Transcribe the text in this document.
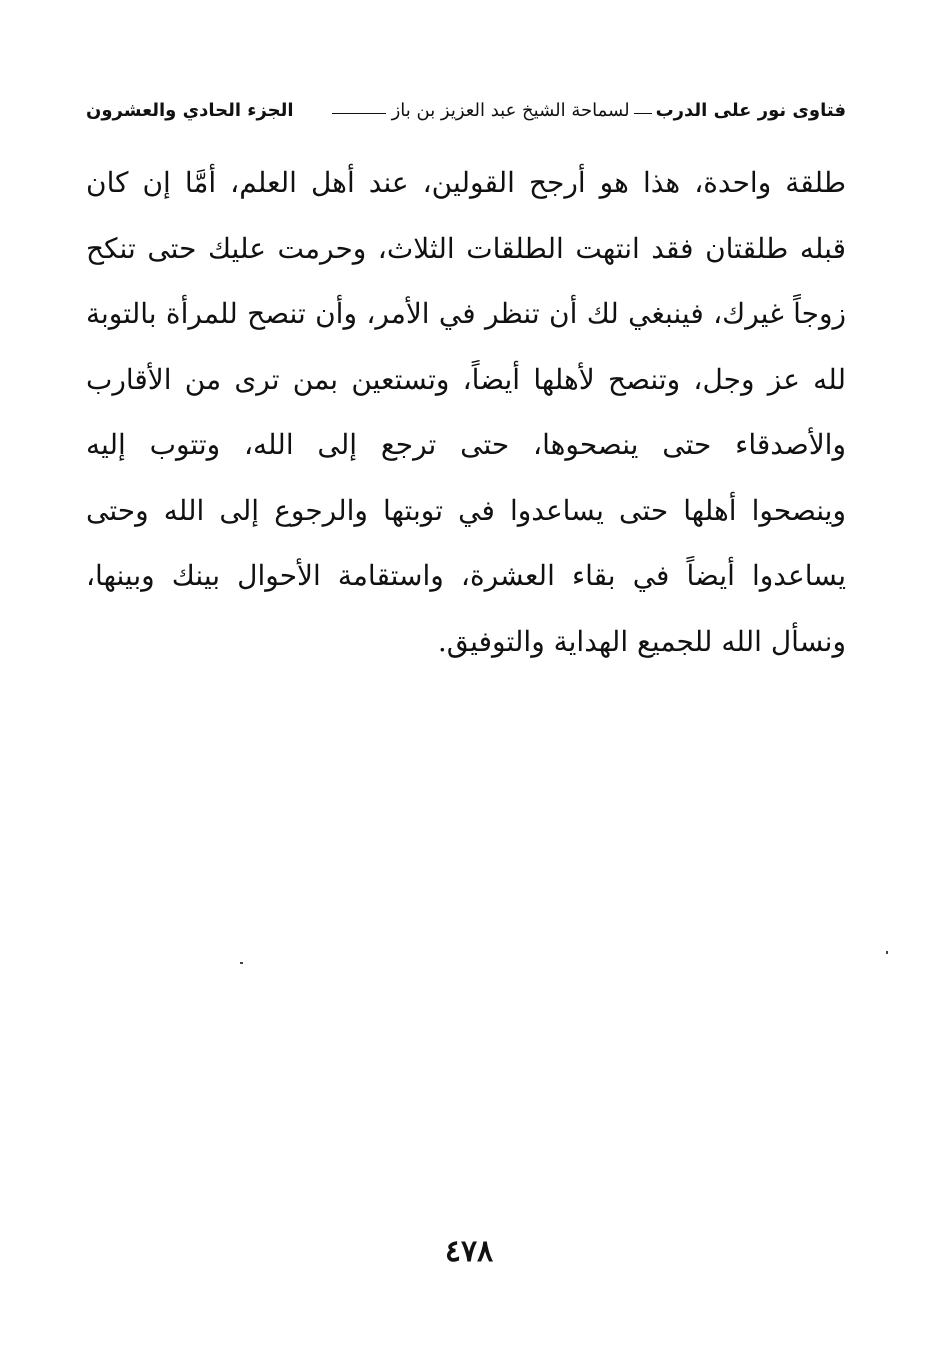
فتاوى نور على الدرب
لسماحة الشيخ عبد العزيز بن باز
الجزء الحادي والعشرون
طلقة واحدة، هذا هو أرجح القولين، عند أهل العلم، أمَّا إن كان
قبله طلقتان فقد انتهت الطلقات الثلاث، وحرمت عليك حتى تنكح
زوجاً غيرك، فينبغي لك أن تنظر في الأمر، وأن تنصح للمرأة بالتوبة
لله عز وجل، وتنصح لأهلها أيضاً، وتستعين بمن ترى من الأقارب
والأصدقاء حتى ينصحوها، حتى ترجع إلى الله، وتتوب إليه
وينصحوا أهلها حتى يساعدوا في توبتها والرجوع إلى الله وحتى
يساعدوا أيضاً في بقاء العشرة، واستقامة الأحوال بينك وبينها،
ونسأل الله للجميع الهداية والتوفيق.
٤٧٨
